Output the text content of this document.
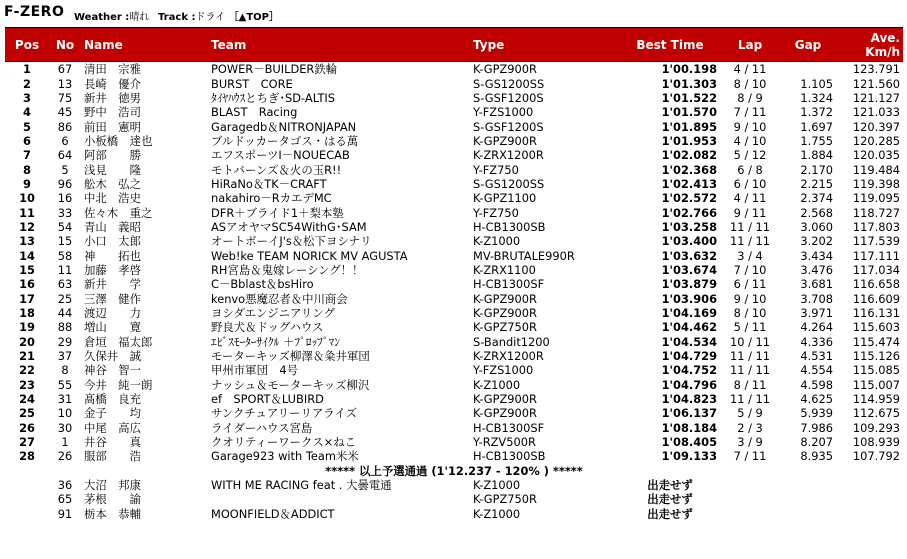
F-ZERO Weather :晴れ Track :ドライ ［▲TOP］
Pos	No	Name	Team	Type	Best Time	Lap	Gap	Ave.
Km/h
1	67	清田　宗雅	POWER－BUILDER鉄輪	K-GPZ900R	1'00.198	4 / 11		123.791
2	13	長崎　優介	BURST　CORE	S-GS1200SS	1'01.303	8 / 10	1.105	121.560
3	75	新井　徳男	ﾀｲﾔﾊｳｽとちぎ･SD-ALTIS	S-GSF1200S	1'01.522	8 / 9	1.324	121.127
4	45	野中　浩司	BLAST　Racing	Y-FZS1000	1'01.570	7 / 11	1.372	121.033
5	86	前田　憲明	Garagedb＆NITRONJAPAN	S-GSF1200S	1'01.895	9 / 10	1.697	120.397
6	6	小板橋　達也	ブルドッカータゴス・はる萬	K-GPZ900R	1'01.953	4 / 10	1.755	120.285
7	64	阿部　　勝	エフスポーツI－NOUECAB	K-ZRX1200R	1'02.082	5 / 12	1.884	120.035
8	5	浅見　　隆	モトバーンズ＆火の玉R!!	Y-FZ750	1'02.368	6 / 8	2.170	119.484
9	96	舩木　弘之	HiRaNo＆TK－CRAFT	S-GS1200SS	1'02.413	6 / 10	2.215	119.398
10	16	中北　浩史	nakahiro－RカエデMC	K-GPZ1100	1'02.572	4 / 11	2.374	119.095
11	33	佐々木　重之	DFR＋ブライド1＋梨本塾	Y-FZ750	1'02.766	9 / 11	2.568	118.727
12	54	青山　義昭	ASアオヤマSC54WithG･SAM	H-CB1300SB	1'03.258	11 / 11	3.060	117.803
13	15	小口　太郎	オートボーイJ's＆松下ヨシナリ	K-Z1000	1'03.400	11 / 11	3.202	117.539
14	58	神　　拓也	Web!ke TEAM NORICK MV AGUSTA	MV-BRUTALE990R	1'03.632	3 / 4	3.434	117.111
15	11	加藤　孝啓	RH宮島＆鬼嫁レーシング！！	K-ZRX1100	1'03.674	7 / 10	3.476	117.034
16	63	新井　　学	C－Bblast＆bsHiro	H-CB1300SF	1'03.879	6 / 11	3.681	116.658
17	25	三澤　健作	kenvo悪魔忍者＆中川商会	K-GPZ900R	1'03.906	9 / 10	3.708	116.609
18	44	渡辺　　力	ヨシダエンジニアリング	K-GPZ900R	1'04.169	8 / 10	3.971	116.131
19	88	増山　　寛	野良犬＆ドッグハウス	K-GPZ750R	1'04.462	5 / 11	4.264	115.603
20	29	倉垣　福太郎	ｴﾋﾞｽﾓｰﾀｰｻｲｸﾙ ＋ﾌﾟﾛｯﾌﾟﾏﾝ	S-Bandit1200	1'04.534	10 / 11	4.336	115.474
21	37	久保井　誠	モーターキッズ柳澤＆粂井軍団	K-ZRX1200R	1'04.729	11 / 11	4.531	115.126
22	8	神谷　智一	甲州市軍団　4号	Y-FZS1000	1'04.752	11 / 11	4.554	115.085
23	55	今井　純一朗	ナッシュ＆モーターキッズ柳沢	K-Z1000	1'04.796	8 / 11	4.598	115.007
24	31	髙橋　良充	ef　SPORT＆LUBIRD	K-GPZ900R	1'04.823	11 / 11	4.625	114.959
25	10	金子　　均	サンクチュアリーリアライズ	K-GPZ900R	1'06.137	5 / 9	5.939	112.675
26	30	中尾　高広	ライダーハウス宮島	H-CB1300SF	1'08.184	2 / 3	7.986	109.293
27	1	井谷　　真	クオリティーワークス×ねこ	Y-RZV500R	1'08.405	3 / 9	8.207	108.939
28	26	服部　　浩	Garage923 with Team米米	H-CB1300SB	1'09.133	7 / 11	8.935	107.792
***** 以上予選通過 (1'12.237 - 120% ) *****								
	36	大沼　邦康	WITH ME RACING feat . 大曇電通	K-Z1000	出走せず			
	65	茅根　　諭		K-GPZ750R	出走せず			
	91	栃本　恭輔	MOONFIELD＆ADDICT	K-Z1000	出走せず			
